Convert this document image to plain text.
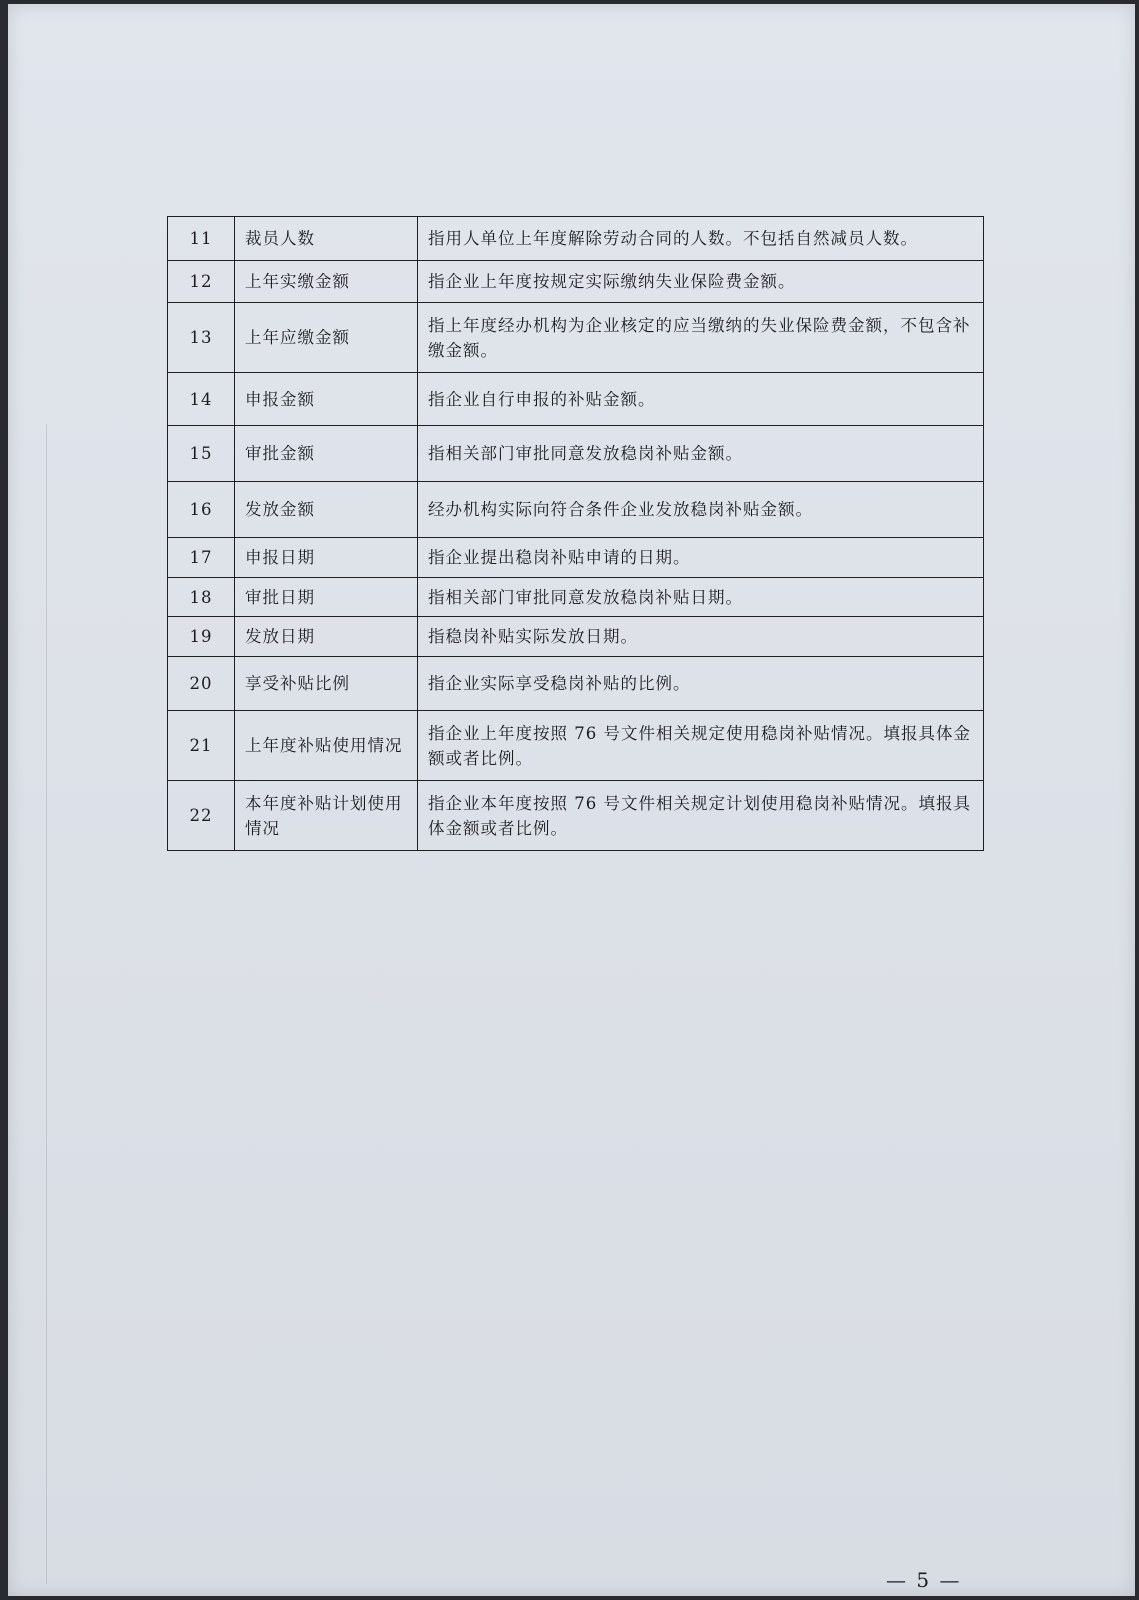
11	裁员人数	指用人单位上年度解除劳动合同的人数。不包括自然减员人数。
12	上年实缴金额	指企业上年度按规定实际缴纳失业保险费金额。
13	上年应缴金额	指上年度经办机构为企业核定的应当缴纳的失业保险费金额，不包含补缴金额。
14	申报金额	指企业自行申报的补贴金额。
15	审批金额	指相关部门审批同意发放稳岗补贴金额。
16	发放金额	经办机构实际向符合条件企业发放稳岗补贴金额。
17	申报日期	指企业提出稳岗补贴申请的日期。
18	审批日期	指相关部门审批同意发放稳岗补贴日期。
19	发放日期	指稳岗补贴实际发放日期。
20	享受补贴比例	指企业实际享受稳岗补贴的比例。
21	上年度补贴使用情况	指企业上年度按照 76 号文件相关规定使用稳岗补贴情况。填报具体金额或者比例。
22	本年度补贴计划使用情况	指企业本年度按照 76 号文件相关规定计划使用稳岗补贴情况。填报具体金额或者比例。
— 5 —
